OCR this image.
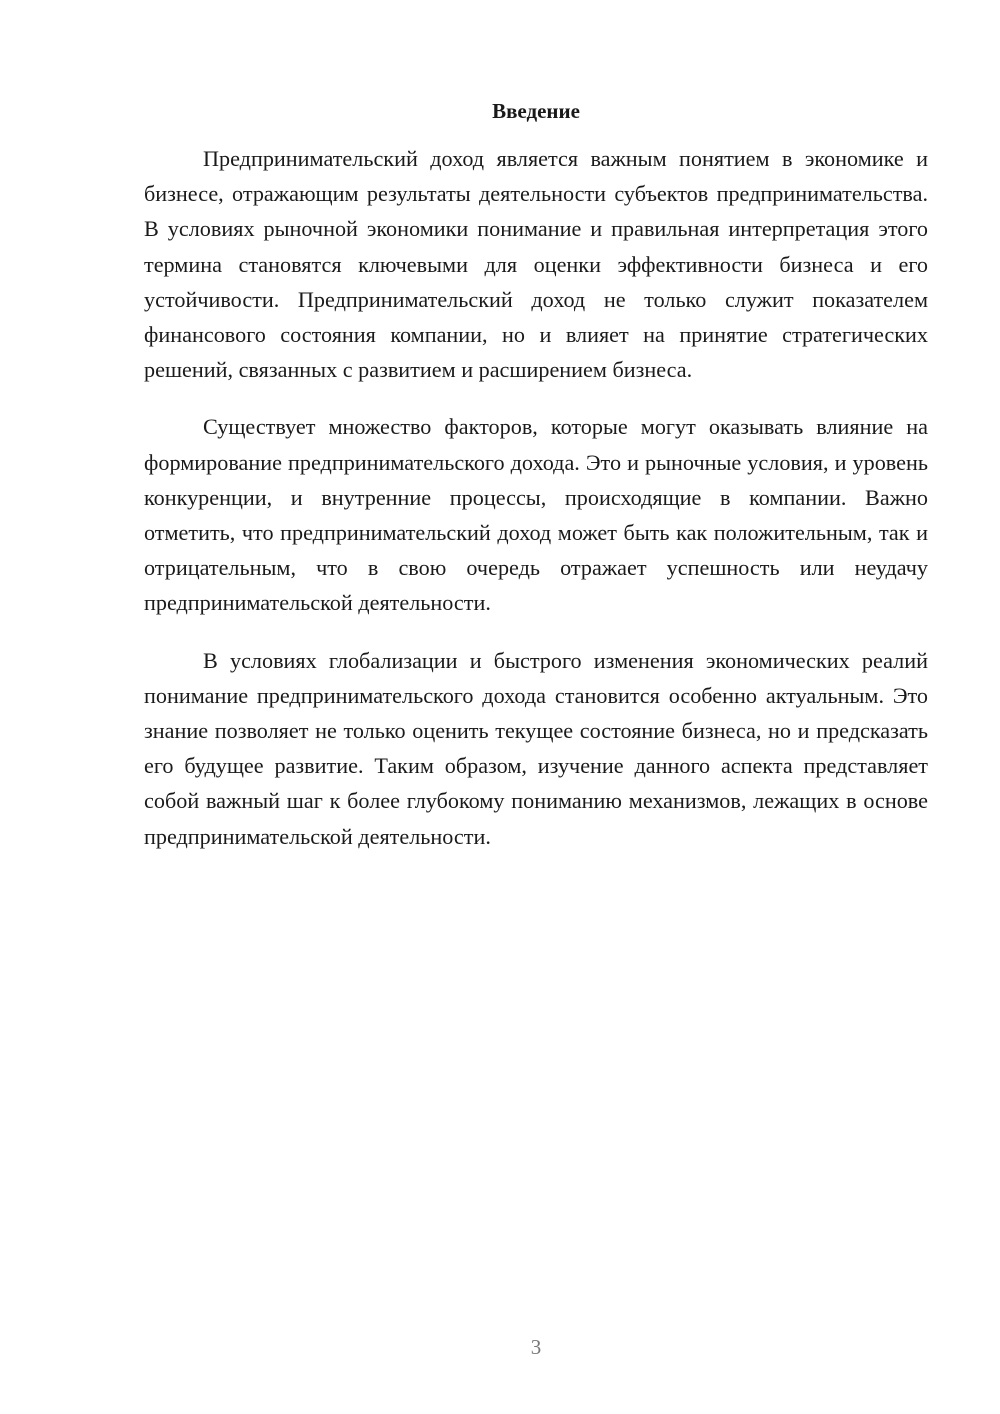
Введение

Предпринимательский доход является важным понятием в экономике и бизнесе, отражающим результаты деятельности субъектов предпринимательства. В условиях рыночной экономики понимание и правильная интерпретация этого термина становятся ключевыми для оценки эффективности бизнеса и его устойчивости. Предпринимательский доход не только служит показателем финансового состояния компании, но и влияет на принятие стратегических решений, связанных с развитием и расширением бизнеса.

Существует множество факторов, которые могут оказывать влияние на формирование предпринимательского дохода. Это и рыночные условия, и уровень конкуренции, и внутренние процессы, происходящие в компании. Важно отметить, что предпринимательский доход может быть как положительным, так и отрицательным, что в свою очередь отражает успешность или неудачу предпринимательской деятельности.

В условиях глобализации и быстрого изменения экономических реалий понимание предпринимательского дохода становится особенно актуальным. Это знание позволяет не только оценить текущее состояние бизнеса, но и предсказать его будущее развитие. Таким образом, изучение данного аспекта представляет собой важный шаг к более глубокому пониманию механизмов, лежащих в основе предпринимательской деятельности.

3
